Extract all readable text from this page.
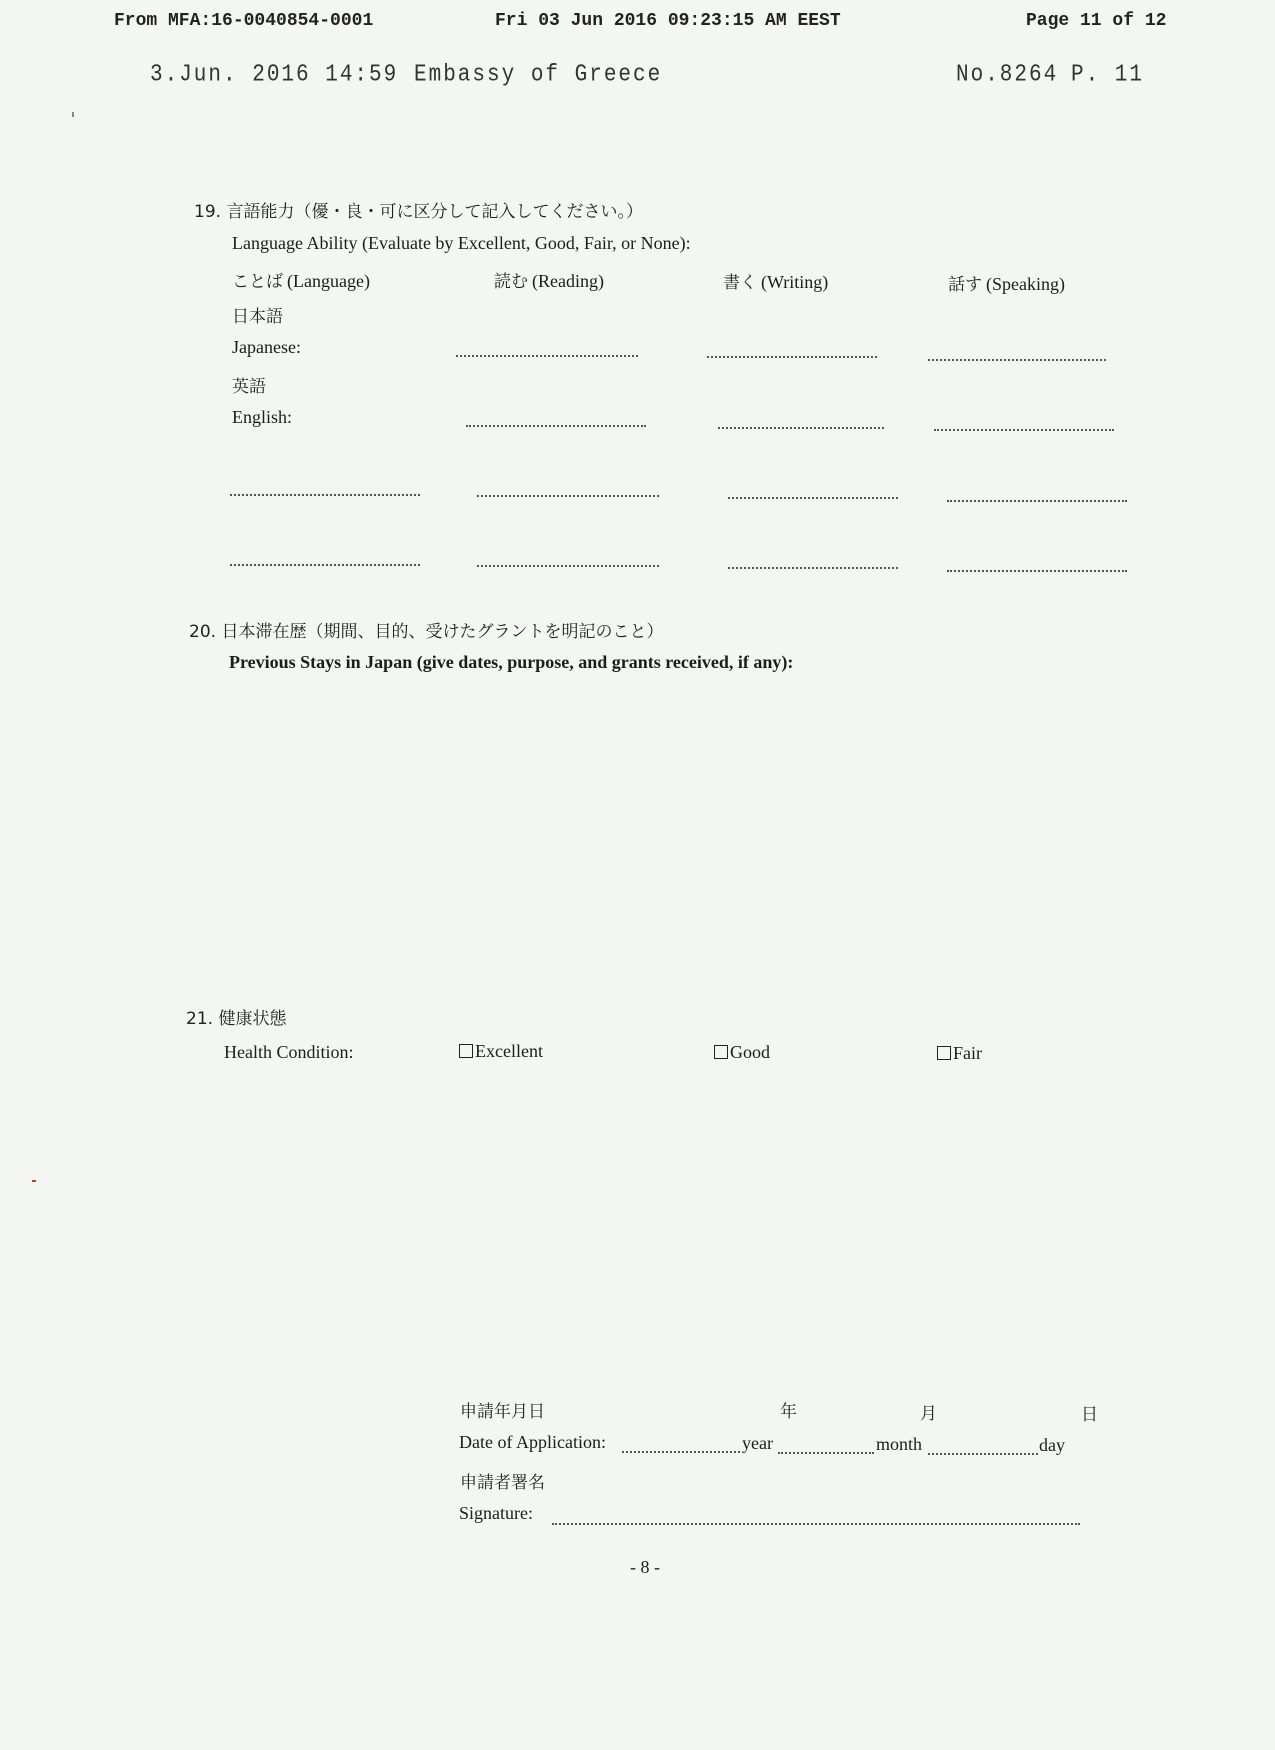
From MFA:16-0040854-0001	Fri 03 Jun 2016 09:23:15 AM EEST	Page 11 of 12
3.Jun. 2016 14:59 Embassy of Greece	No.8264 P. 11
19. 言語能力（優・良・可に区分して記入してください。）
Language Ability (Evaluate by Excellent, Good, Fair, or None):
ことば (Language)	読む (Reading)	書く (Writing)	話す (Speaking)
日本語
Japanese:
英語
English:
20. 日本滞在歴（期間、目的、受けたグラントを明記のこと）
Previous Stays in Japan (give dates, purpose, and grants received, if any):
21. 健康状態
Health Condition:	Excellent	Good	Fair
申請年月日	年	月	日
Date of Application:	year	month	day
申請者署名
Signature:
- 8 -
